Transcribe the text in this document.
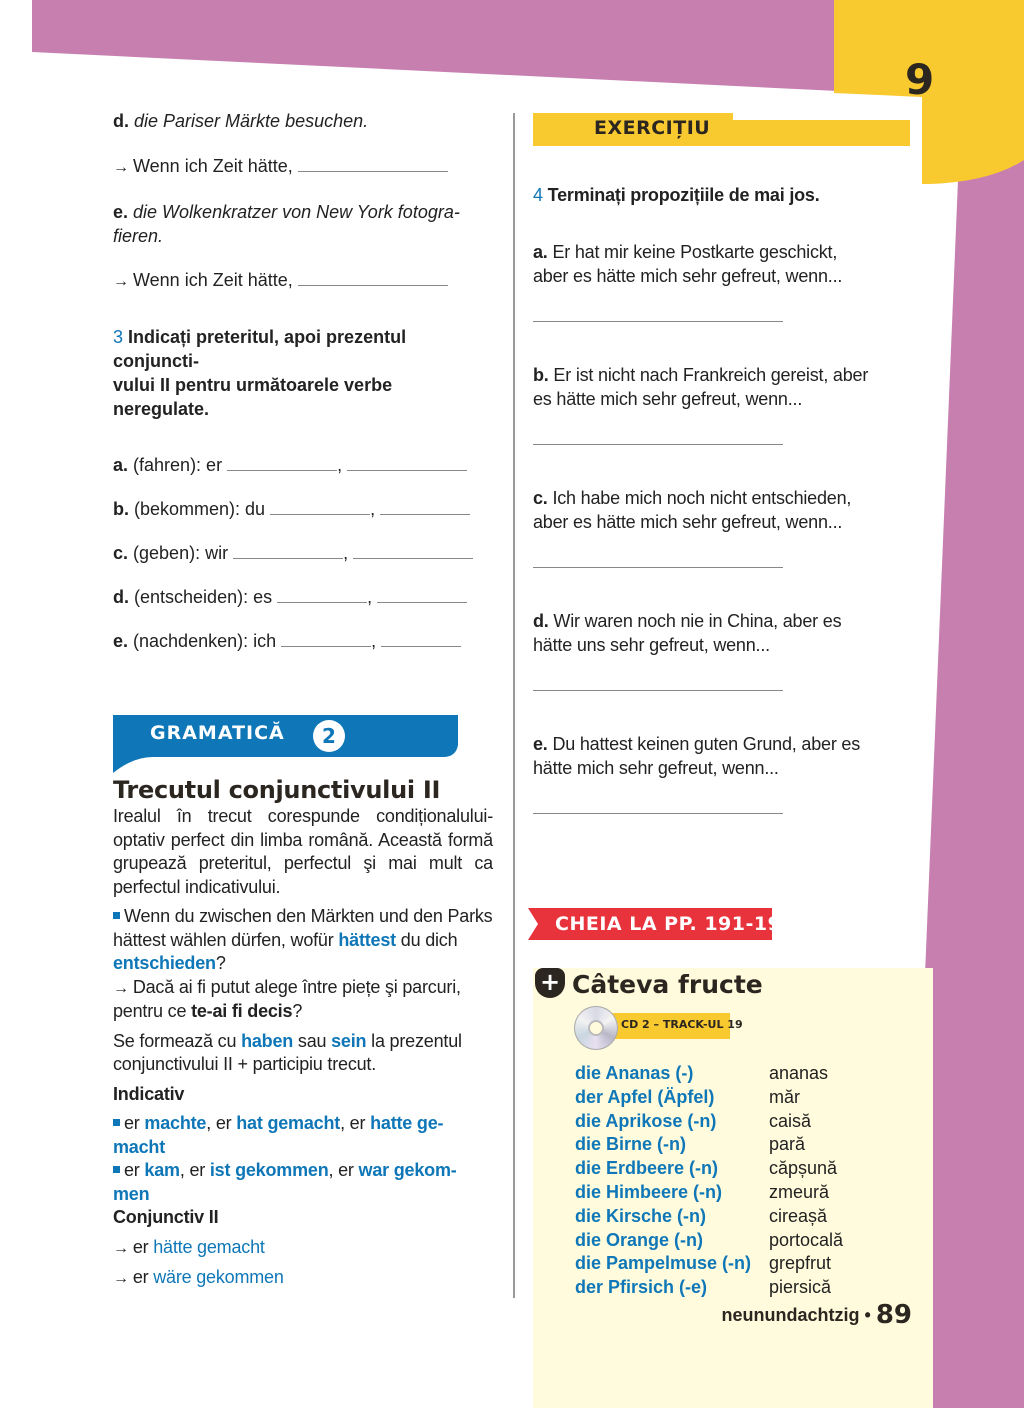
9
d. die Pariser Märkte besuchen.
→ Wenn ich Zeit hätte,
e. die Wolkenkratzer von New York fotogra-
fieren.
→ Wenn ich Zeit hätte,
3 Indicați preteritul, apoi prezentul conjuncti-
vului II pentru următoarele verbe neregulate.
a. (fahren): er	,
b. (bekommen): du	,
c. (geben): wir	,
d. (entscheiden): es	,
e. (nachdenken): ich	,
GRAMATICĂ	2
Trecutul conjunctivului II
Irealul în trecut corespunde condiționalului-optativ perfect din limba română. Această formă grupează preteritul, perfectul şi mai mult ca perfectul indicativului.
Wenn du zwischen den Märkten und den Parks hättest wählen dürfen, wofür hättest du dich entschieden?
→ Dacă ai fi putut alege între piețe şi parcuri, pentru ce te-ai fi decis?
Se formează cu haben sau sein la prezentul conjunctivului II + participiu trecut.
Indicativ
er machte, er hat gemacht, er hatte ge-
macht
er kam, er ist gekommen, er war gekom-
men
Conjunctiv II
→ er hätte gemacht
→ er wäre gekommen
EXERCIȚIU
4 Terminați propozițiile de mai jos.
a. Er hat mir keine Postkarte geschickt,
aber es hätte mich sehr gefreut, wenn...
b. Er ist nicht nach Frankreich gereist, aber
es hätte mich sehr gefreut, wenn...
c. Ich habe mich noch nicht entschieden,
aber es hätte mich sehr gefreut, wenn...
d. Wir waren noch nie in China, aber es
hätte uns sehr gefreut, wenn...
e. Du hattest keinen guten Grund, aber es
hätte mich sehr gefreut, wenn...
CHEIA LA PP. 191-192
+ Câteva fructe
CD 2 – TRACK-UL 19
die Ananas (-)	ananas
der Apfel (Äpfel)	măr
die Aprikose (-n)	caisă
die Birne (-n)	pară
die Erdbeere (-n)	căpșună
die Himbeere (-n)	zmeură
die Kirsche (-n)	cireașă
die Orange (-n)	portocală
die Pampelmuse (-n) grepfrut
der Pfirsich (-e)	piersică
neunundachtzig • 89
